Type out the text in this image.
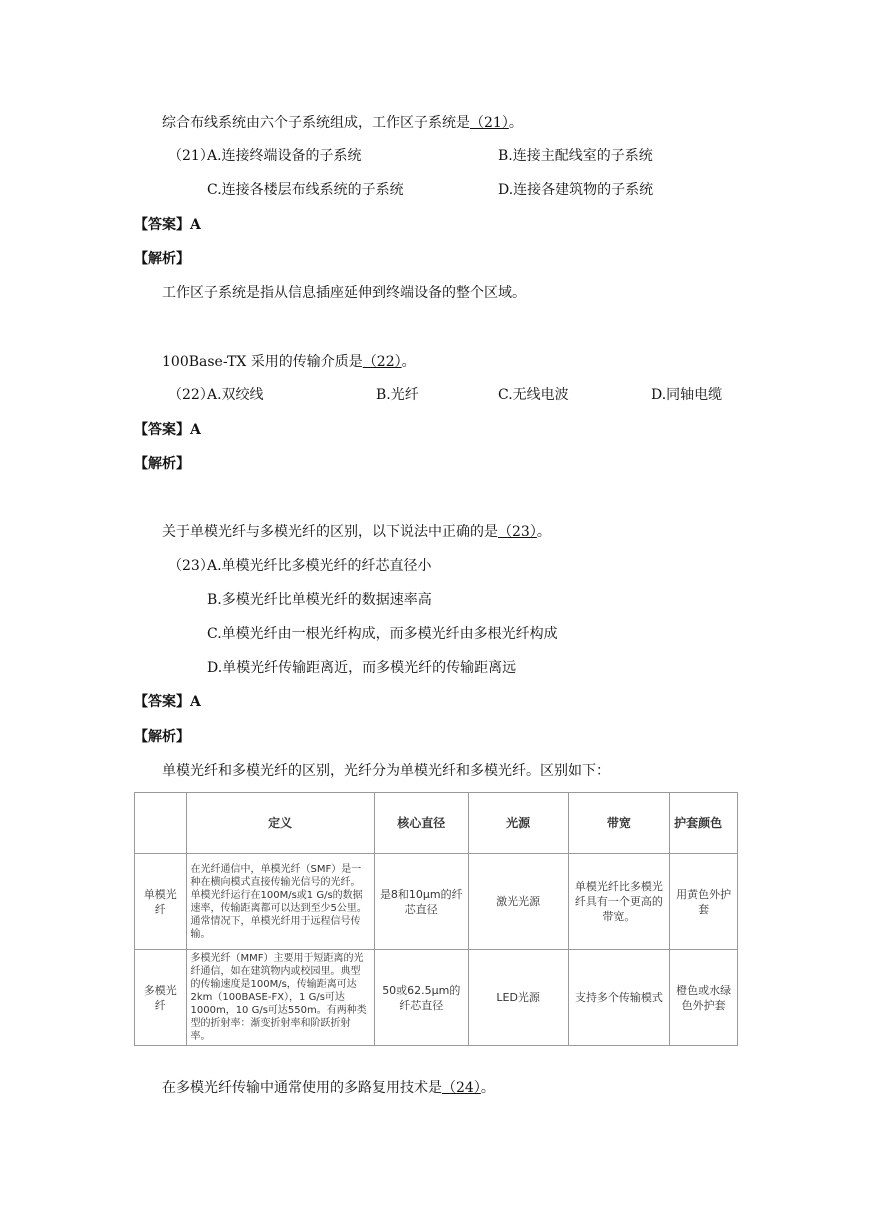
综合布线系统由六个子系统组成，工作区子系统是（21）。
（21）
A.连接终端设备的子系统	B.连接主配线室的子系统
C.连接各楼层布线系统的子系统	D.连接各建筑物的子系统
【答案】A
【解析】
工作区子系统是指从信息插座延伸到终端设备的整个区域。
100Base-TX 采用的传输介质是（22）。
（22）
A.双绞线	B.光纤	C.无线电波	D.同轴电缆
【答案】A
【解析】
关于单模光纤与多模光纤的区别，以下说法中正确的是（23）。
（23）
A.单模光纤比多模光纤的纤芯直径小
B.多模光纤比单模光纤的数据速率高
C.单模光纤由一根光纤构成，而多模光纤由多根光纤构成
D.单模光纤传输距离近，而多模光纤的传输距离远
【答案】A
【解析】
单模光纤和多模光纤的区别，光纤分为单模光纤和多模光纤。区别如下：
	定义	核心直径	光源	带宽	护套颜色
单模光纤	在光纤通信中，单模光纤（SMF）是一种在横向模式直接传输光信号的光纤。单模光纤运行在100M/s或1 G/s的数据速率，传输距离都可以达到至少5公里。通常情况下，单模光纤用于远程信号传输。	是8和10μm的纤芯直径	激光光源	单模光纤比多模光纤具有一个更高的带宽。	用黄色外护套
多模光纤	多模光纤（MMF）主要用于短距离的光纤通信，如在建筑物内或校园里。典型的传输速度是100M/s，传输距离可达2km（100BASE-FX），1 G/s可达1000m，10 G/s可达550m。有两种类型的折射率：渐变折射率和阶跃折射率。	50或62.5μm的纤芯直径	LED光源	支持多个传输模式	橙色或水绿色外护套
在多模光纤传输中通常使用的多路复用技术是（24）。
